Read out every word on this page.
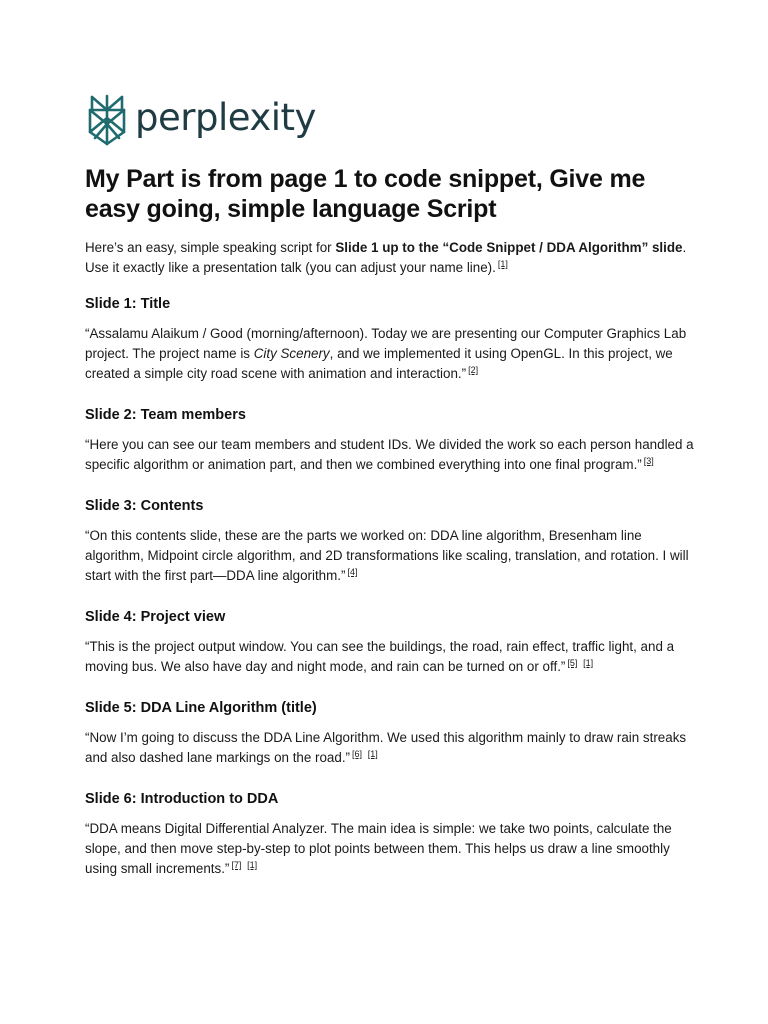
perplexity
My Part is from page 1 to code snippet, Give me easy going, simple language Script
Here’s an easy, simple speaking script for Slide 1 up to the “Code Snippet / DDA Algorithm” slide. Use it exactly like a presentation talk (you can adjust your name line). [1]
Slide 1: Title

“Assalamu Alaikum / Good (morning/afternoon). Today we are presenting our Computer Graphics Lab project. The project name is City Scenery, and we implemented it using OpenGL. In this project, we created a simple city road scene with animation and interaction.” [2]

Slide 2: Team members

“Here you can see our team members and student IDs. We divided the work so each person handled a specific algorithm or animation part, and then we combined everything into one final program.” [3]

Slide 3: Contents

“On this contents slide, these are the parts we worked on: DDA line algorithm, Bresenham line algorithm, Midpoint circle algorithm, and 2D transformations like scaling, translation, and rotation. I will start with the first part—DDA line algorithm.” [4]

Slide 4: Project view

“This is the project output window. You can see the buildings, the road, rain effect, traffic light, and a moving bus. We also have day and night mode, and rain can be turned on or off.” [5] [1]

Slide 5: DDA Line Algorithm (title)

“Now I’m going to discuss the DDA Line Algorithm. We used this algorithm mainly to draw rain streaks and also dashed lane markings on the road.” [6] [1]

Slide 6: Introduction to DDA

“DDA means Digital Differential Analyzer. The main idea is simple: we take two points, calculate the slope, and then move step-by-step to plot points between them. This helps us draw a line smoothly using small increments.” [7] [1]
